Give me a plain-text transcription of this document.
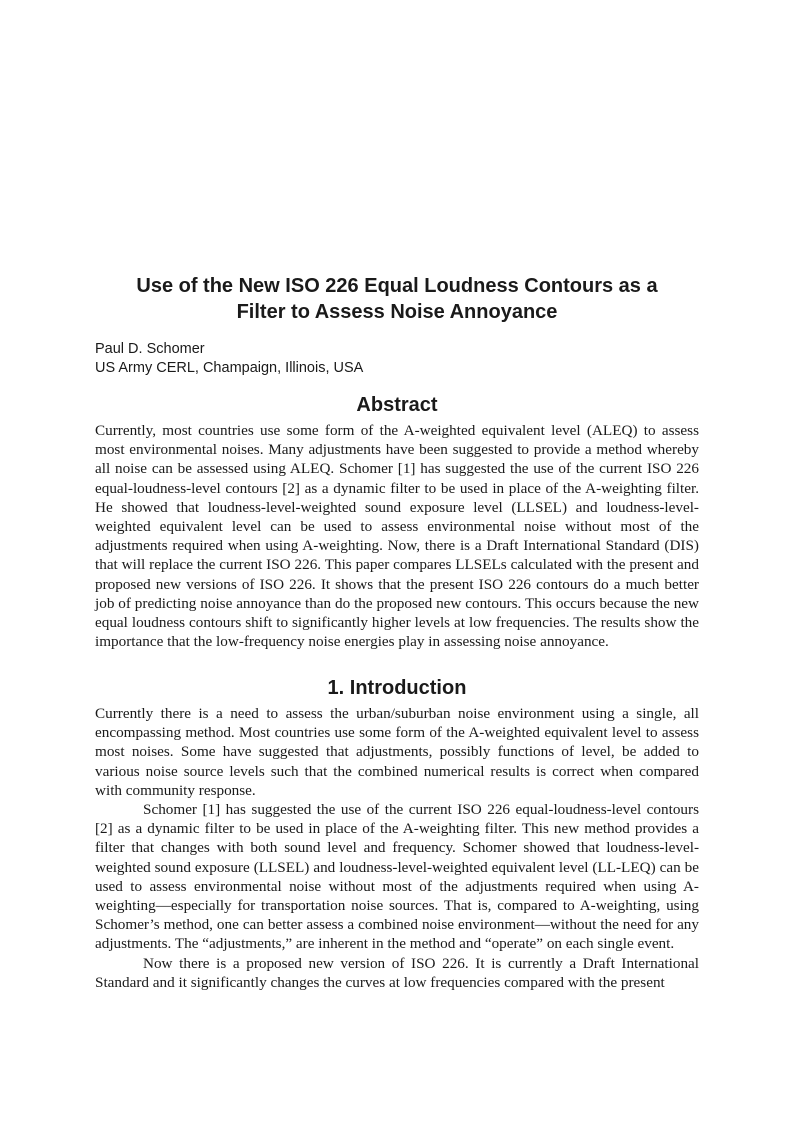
Use of the New ISO 226 Equal Loudness Contours as a
Filter to Assess Noise Annoyance
Paul D. Schomer
US Army CERL, Champaign, Illinois, USA
Abstract

Currently, most countries use some form of the A-weighted equivalent level (ALEQ) to assess most environmental noises. Many adjustments have been suggested to provide a method whereby all noise can be assessed using ALEQ. Schomer [1] has suggested the use of the current ISO 226 equal-loudness-level contours [2] as a dynamic filter to be used in place of the A-weighting filter. He showed that loudness-level-weighted sound exposure level (LLSEL) and loudness-level-weighted equivalent level can be used to assess environmental noise without most of the adjustments required when using A-weighting. Now, there is a Draft International Standard (DIS) that will replace the current ISO 226. This paper compares LLSELs calculated with the present and proposed new versions of ISO 226. It shows that the present ISO 226 contours do a much better job of predicting noise annoyance than do the proposed new contours. This occurs because the new equal loudness contours shift to significantly higher levels at low frequencies. The results show the importance that the low-frequency noise energies play in assessing noise annoyance.

1. Introduction

Currently there is a need to assess the urban/suburban noise environment using a single, all encompassing method. Most countries use some form of the A-weighted equivalent level to assess most noises. Some have suggested that adjustments, possibly functions of level, be added to various noise source levels such that the combined numerical results is correct when compared with community response.

Schomer [1] has suggested the use of the current ISO 226 equal-loudness-level contours [2] as a dynamic filter to be used in place of the A-weighting filter. This new method provides a filter that changes with both sound level and frequency. Schomer showed that loudness-level-weighted sound exposure (LLSEL) and loudness-level-weighted equivalent level (LL-LEQ) can be used to assess environmental noise without most of the adjustments required when using A-weighting—especially for transportation noise sources. That is, compared to A-weighting, using Schomer’s method, one can better assess a combined noise environment—without the need for any adjustments. The “adjustments,” are inherent in the method and “operate” on each single event.

Now there is a proposed new version of ISO 226. It is currently a Draft International Standard and it significantly changes the curves at low frequencies compared with the present
